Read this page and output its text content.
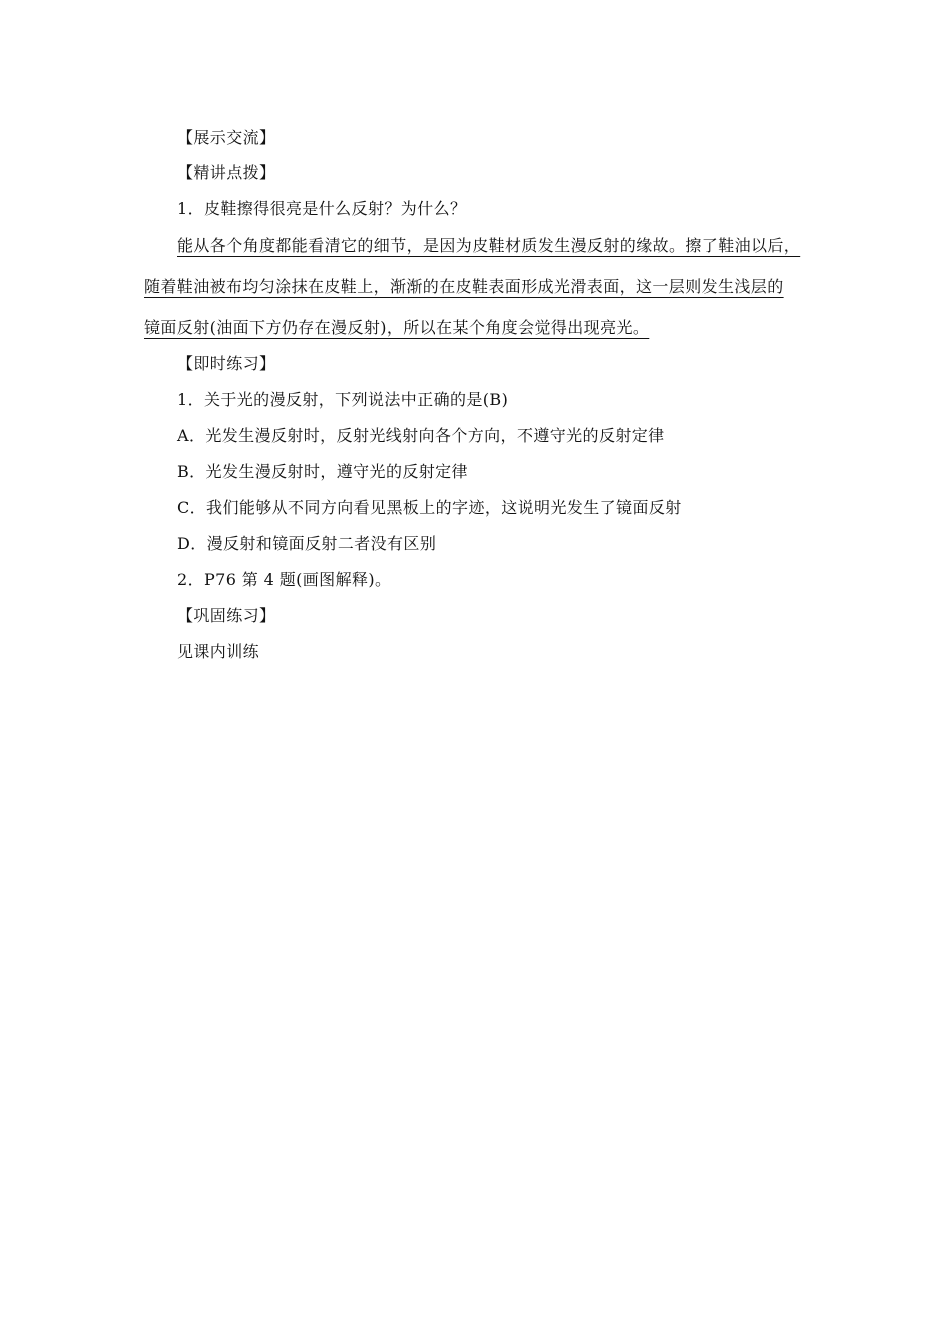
【展示交流】
【精讲点拨】
1．皮鞋擦得很亮是什么反射？为什么？
能从各个角度都能看清它的细节，是因为皮鞋材质发生漫反射的缘故。擦了鞋油以后，
随着鞋油被布均匀涂抹在皮鞋上，渐渐的在皮鞋表面形成光滑表面，这一层则发生浅层的
镜面反射(油面下方仍存在漫反射)，所以在某个角度会觉得出现亮光。
【即时练习】
1．关于光的漫反射，下列说法中正确的是(B)
A．光发生漫反射时，反射光线射向各个方向，不遵守光的反射定律
B．光发生漫反射时，遵守光的反射定律
C．我们能够从不同方向看见黑板上的字迹，这说明光发生了镜面反射
D．漫反射和镜面反射二者没有区别
2．P76 第 4 题(画图解释)。
【巩固练习】
见课内训练
